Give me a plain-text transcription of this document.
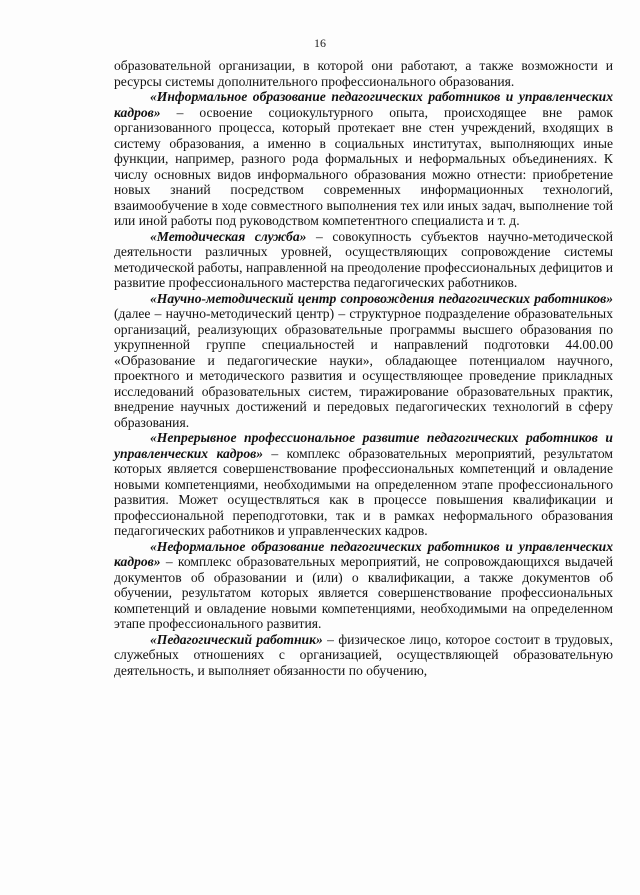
16

образовательной организации, в которой они работают, а также возможности и ресурсы системы дополнительного профессионального образования.

«Информальное образование педагогических работников и управленческих кадров» – освоение социокультурного опыта, происходящее вне рамок организованного процесса, который протекает вне стен учреждений, входящих в систему образования, а именно в социальных институтах, выполняющих иные функции, например, разного рода формальных и неформальных объединениях. К числу основных видов информального образования можно отнести: приобретение новых знаний посредством современных информационных технологий, взаимообучение в ходе совместного выполнения тех или иных задач, выполнение той или иной работы под руководством компетентного специалиста и т. д.

«Методическая служба» – совокупность субъектов научно-методической деятельности различных уровней, осуществляющих сопровождение системы методической работы, направленной на преодоление профессиональных дефицитов и развитие профессионального мастерства педагогических работников.

«Научно-методический центр сопровождения педагогических работников» (далее – научно-методический центр) – структурное подразделение образовательных организаций, реализующих образовательные программы высшего образования по укрупненной группе специальностей и направлений подготовки 44.00.00 «Образование и педагогические науки», обладающее потенциалом научного, проектного и методического развития и осуществляющее проведение прикладных исследований образовательных систем, тиражирование образовательных практик, внедрение научных достижений и передовых педагогических технологий в сферу образования.

«Непрерывное профессиональное развитие педагогических работников и управленческих кадров» – комплекс образовательных мероприятий, результатом которых является совершенствование профессиональных компетенций и овладение новыми компетенциями, необходимыми на определенном этапе профессионального развития. Может осуществляться как в процессе повышения квалификации и профессиональной переподготовки, так и в рамках неформального образования педагогических работников и управленческих кадров.

«Неформальное образование педагогических работников и управленческих кадров» – комплекс образовательных мероприятий, не сопровождающихся выдачей документов об образовании и (или) о квалификации, а также документов об обучении, результатом которых является совершенствование профессиональных компетенций и овладение новыми компетенциями, необходимыми на определенном этапе профессионального развития.

«Педагогический работник» – физическое лицо, которое состоит в трудовых, служебных отношениях с организацией, осуществляющей образовательную деятельность, и выполняет обязанности по обучению,
